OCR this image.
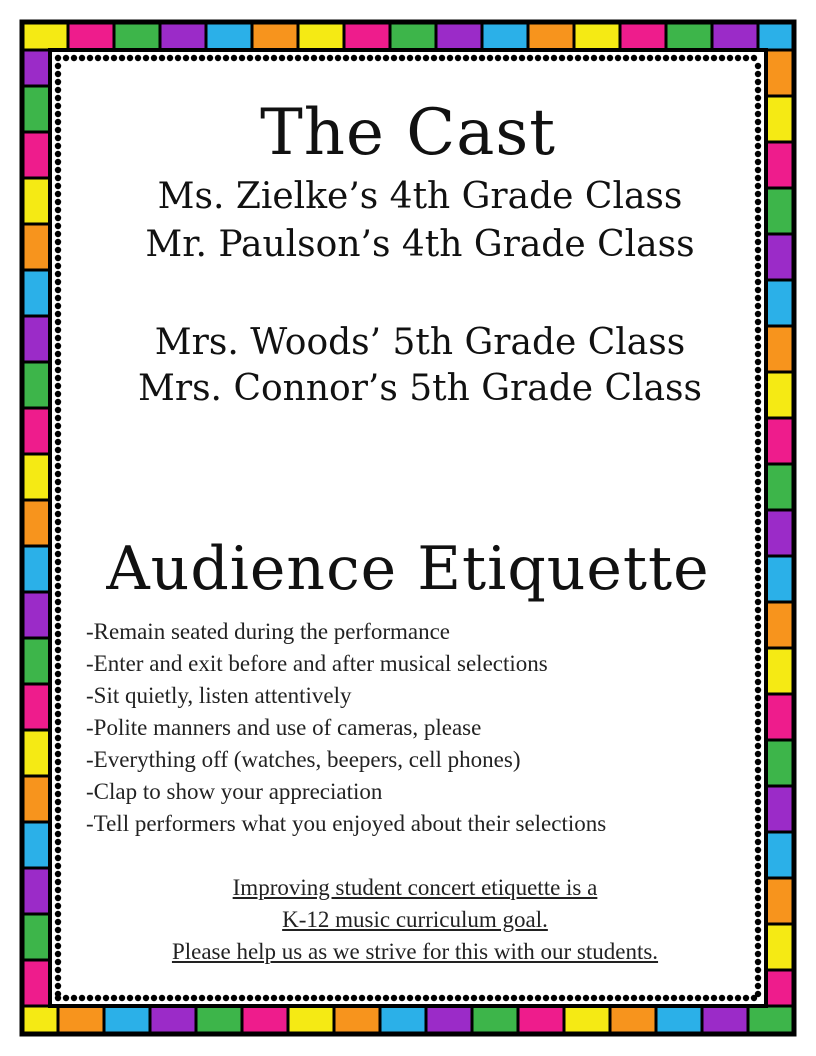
The Cast
Ms. Zielke’s 4th Grade Class
Mr. Paulson’s 4th Grade Class
Mrs. Woods’ 5th Grade Class
Mrs. Connor’s 5th Grade Class
Audience Etiquette
-Remain seated during the performance
-Enter and exit before and after musical selections
-Sit quietly, listen attentively
-Polite manners and use of cameras, please
-Everything off (watches, beepers, cell phones)
-Clap to show your appreciation
-Tell performers what you enjoyed about their selections
Improving student concert etiquette is a
K-12 music curriculum goal.
Please help us as we strive for this with our students.
